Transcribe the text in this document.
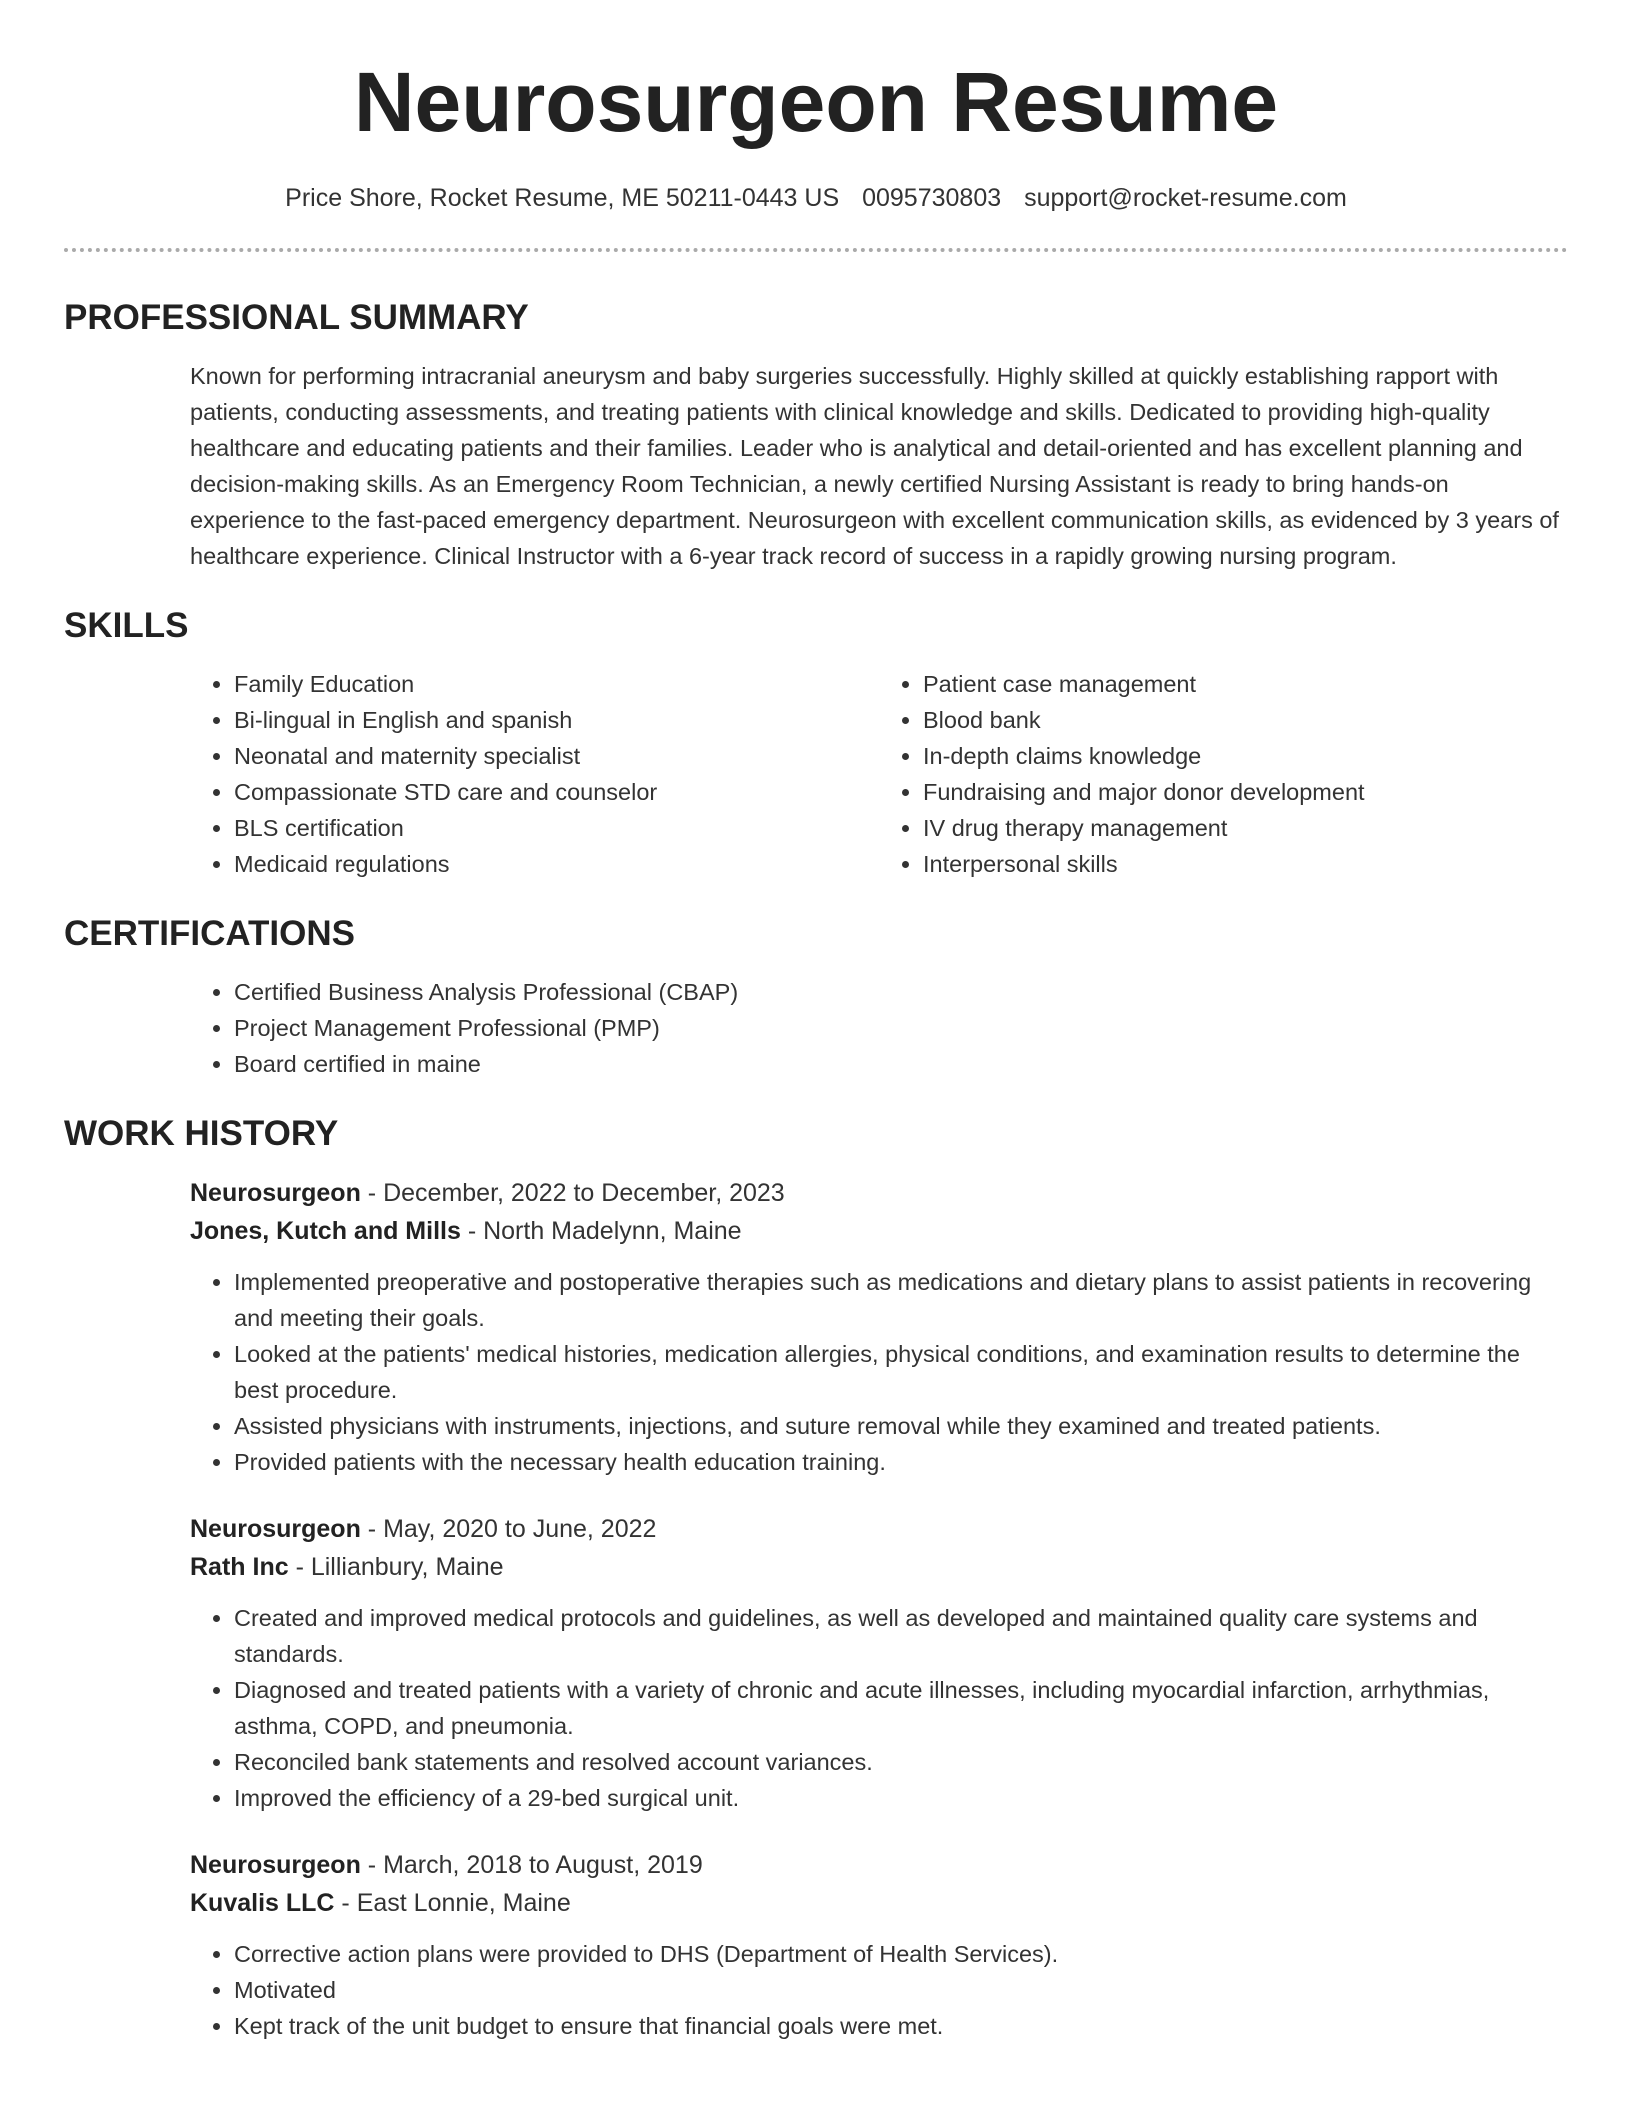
Neurosurgeon Resume
Price Shore, Rocket Resume, ME 50211-0443 US 0095730803 support@rocket-resume.com
PROFESSIONAL SUMMARY
Known for performing intracranial aneurysm and baby surgeries successfully. Highly skilled at quickly establishing rapport with patients, conducting assessments, and treating patients with clinical knowledge and skills. Dedicated to providing high-quality healthcare and educating patients and their families. Leader who is analytical and detail-oriented and has excellent planning and decision-making skills. As an Emergency Room Technician, a newly certified Nursing Assistant is ready to bring hands-on experience to the fast-paced emergency department. Neurosurgeon with excellent communication skills, as evidenced by 3 years of healthcare experience. Clinical Instructor with a 6-year track record of success in a rapidly growing nursing program.
SKILLS
• Family Education
• Bi-lingual in English and spanish
• Neonatal and maternity specialist
• Compassionate STD care and counselor
• BLS certification
• Medicaid regulations
• Patient case management
• Blood bank
• In-depth claims knowledge
• Fundraising and major donor development
• IV drug therapy management
• Interpersonal skills
CERTIFICATIONS
• Certified Business Analysis Professional (CBAP)
• Project Management Professional (PMP)
• Board certified in maine
WORK HISTORY
Neurosurgeon - December, 2022 to December, 2023
Jones, Kutch and Mills - North Madelynn, Maine
• Implemented preoperative and postoperative therapies such as medications and dietary plans to assist patients in recovering and meeting their goals.
• Looked at the patients' medical histories, medication allergies, physical conditions, and examination results to determine the best procedure.
• Assisted physicians with instruments, injections, and suture removal while they examined and treated patients.
• Provided patients with the necessary health education training.
Neurosurgeon - May, 2020 to June, 2022
Rath Inc - Lillianbury, Maine
• Created and improved medical protocols and guidelines, as well as developed and maintained quality care systems and standards.
• Diagnosed and treated patients with a variety of chronic and acute illnesses, including myocardial infarction, arrhythmias, asthma, COPD, and pneumonia.
• Reconciled bank statements and resolved account variances.
• Improved the efficiency of a 29-bed surgical unit.
Neurosurgeon - March, 2018 to August, 2019
Kuvalis LLC - East Lonnie, Maine
• Corrective action plans were provided to DHS (Department of Health Services).
• Motivated
• Kept track of the unit budget to ensure that financial goals were met.
